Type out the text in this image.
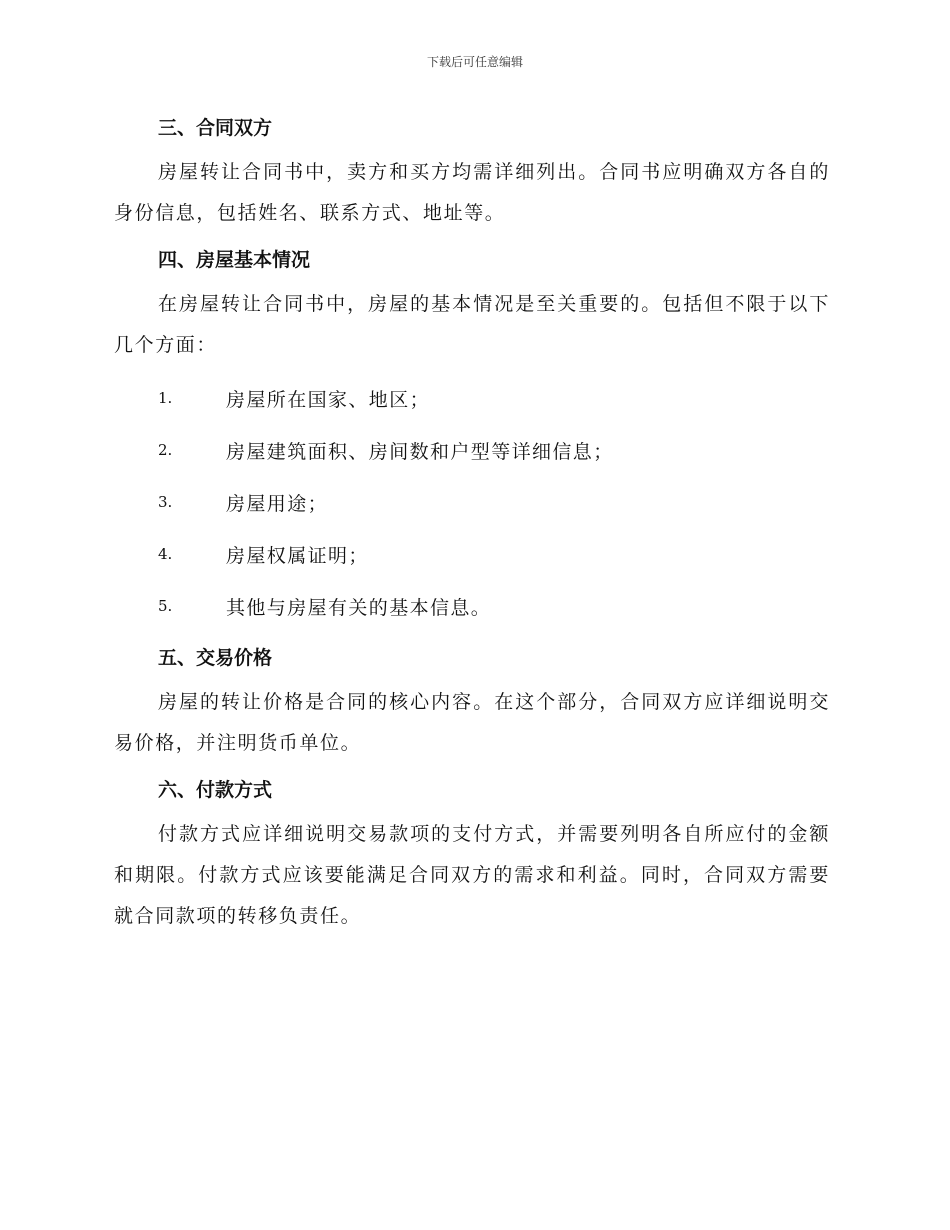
下载后可任意编辑

三、合同双方

房屋转让合同书中，卖方和买方均需详细列出。合同书应明确双方各自的身份信息，包括姓名、联系方式、地址等。

四、房屋基本情况

在房屋转让合同书中，房屋的基本情况是至关重要的。包括但不限于以下几个方面：

1.	房屋所在国家、地区；
2.	房屋建筑面积、房间数和户型等详细信息；
3.	房屋用途；
4.	房屋权属证明；
5.	其他与房屋有关的基本信息。

五、交易价格

房屋的转让价格是合同的核心内容。在这个部分，合同双方应详细说明交易价格，并注明货币单位。

六、付款方式

付款方式应详细说明交易款项的支付方式，并需要列明各自所应付的金额和期限。付款方式应该要能满足合同双方的需求和利益。同时，合同双方需要就合同款项的转移负责任。
